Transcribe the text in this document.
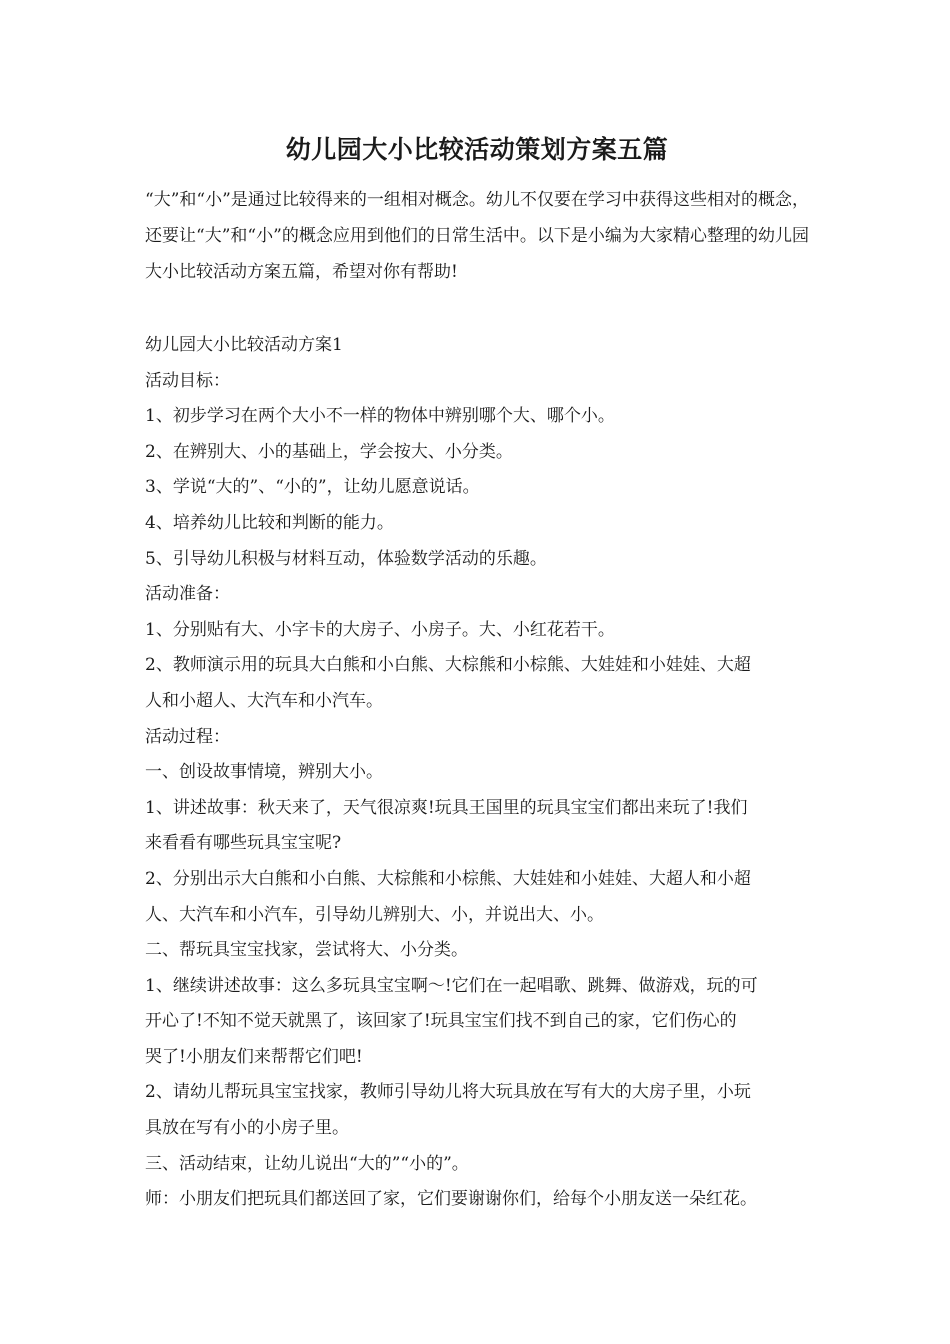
幼儿园大小比较活动策划方案五篇
“大”和“小”是通过比较得来的一组相对概念。幼儿不仅要在学习中获得这些相对的概念，还要让“大”和“小”的概念应用到他们的日常生活中。以下是小编为大家精心整理的幼儿园大小比较活动方案五篇，希望对你有帮助!
幼儿园大小比较活动方案1
活动目标：
1、初步学习在两个大小不一样的物体中辨别哪个大、哪个小。
2、在辨别大、小的基础上，学会按大、小分类。
3、学说“大的”、“小的”，让幼儿愿意说话。
4、培养幼儿比较和判断的能力。
5、引导幼儿积极与材料互动，体验数学活动的乐趣。
活动准备：
1、分别贴有大、小字卡的大房子、小房子。大、小红花若干。
2、教师演示用的玩具大白熊和小白熊、大棕熊和小棕熊、大娃娃和小娃娃、大超
人和小超人、大汽车和小汽车。
活动过程：
一、创设故事情境，辨别大小。
1、讲述故事：秋天来了，天气很凉爽!玩具王国里的玩具宝宝们都出来玩了!我们
来看看有哪些玩具宝宝呢?
2、分别出示大白熊和小白熊、大棕熊和小棕熊、大娃娃和小娃娃、大超人和小超
人、大汽车和小汽车，引导幼儿辨别大、小，并说出大、小。
二、帮玩具宝宝找家，尝试将大、小分类。
1、继续讲述故事：这么多玩具宝宝啊～!它们在一起唱歌、跳舞、做游戏，玩的可
开心了!不知不觉天就黑了，该回家了!玩具宝宝们找不到自己的家，它们伤心的
哭了!小朋友们来帮帮它们吧!
2、请幼儿帮玩具宝宝找家，教师引导幼儿将大玩具放在写有大的大房子里，小玩
具放在写有小的小房子里。
三、活动结束，让幼儿说出“大的”“小的”。
师：小朋友们把玩具们都送回了家，它们要谢谢你们，给每个小朋友送一朵红花。
